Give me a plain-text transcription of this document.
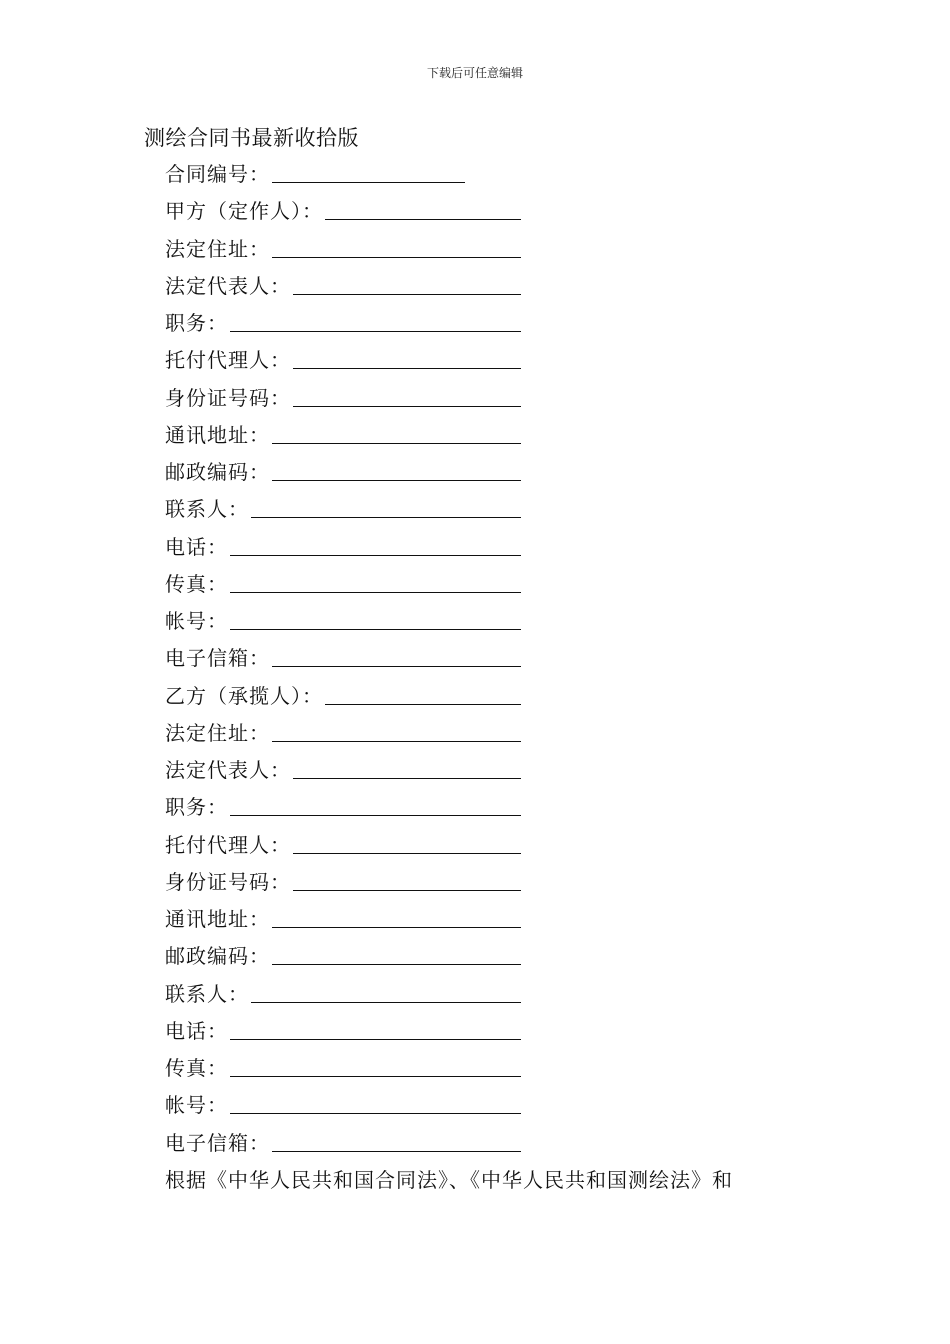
下载后可任意编辑
测绘合同书最新收拾版
合同编号：
甲方（定作人）：
法定住址：
法定代表人：
职务：
托付代理人：
身份证号码：
通讯地址：
邮政编码：
联系人：
电话：
传真：
帐号：
电子信箱：
乙方（承揽人）：
法定住址：
法定代表人：
职务：
托付代理人：
身份证号码：
通讯地址：
邮政编码：
联系人：
电话：
传真：
帐号：
电子信箱：
根据《中华人民共和国合同法》、《中华人民共和国测绘法》和
